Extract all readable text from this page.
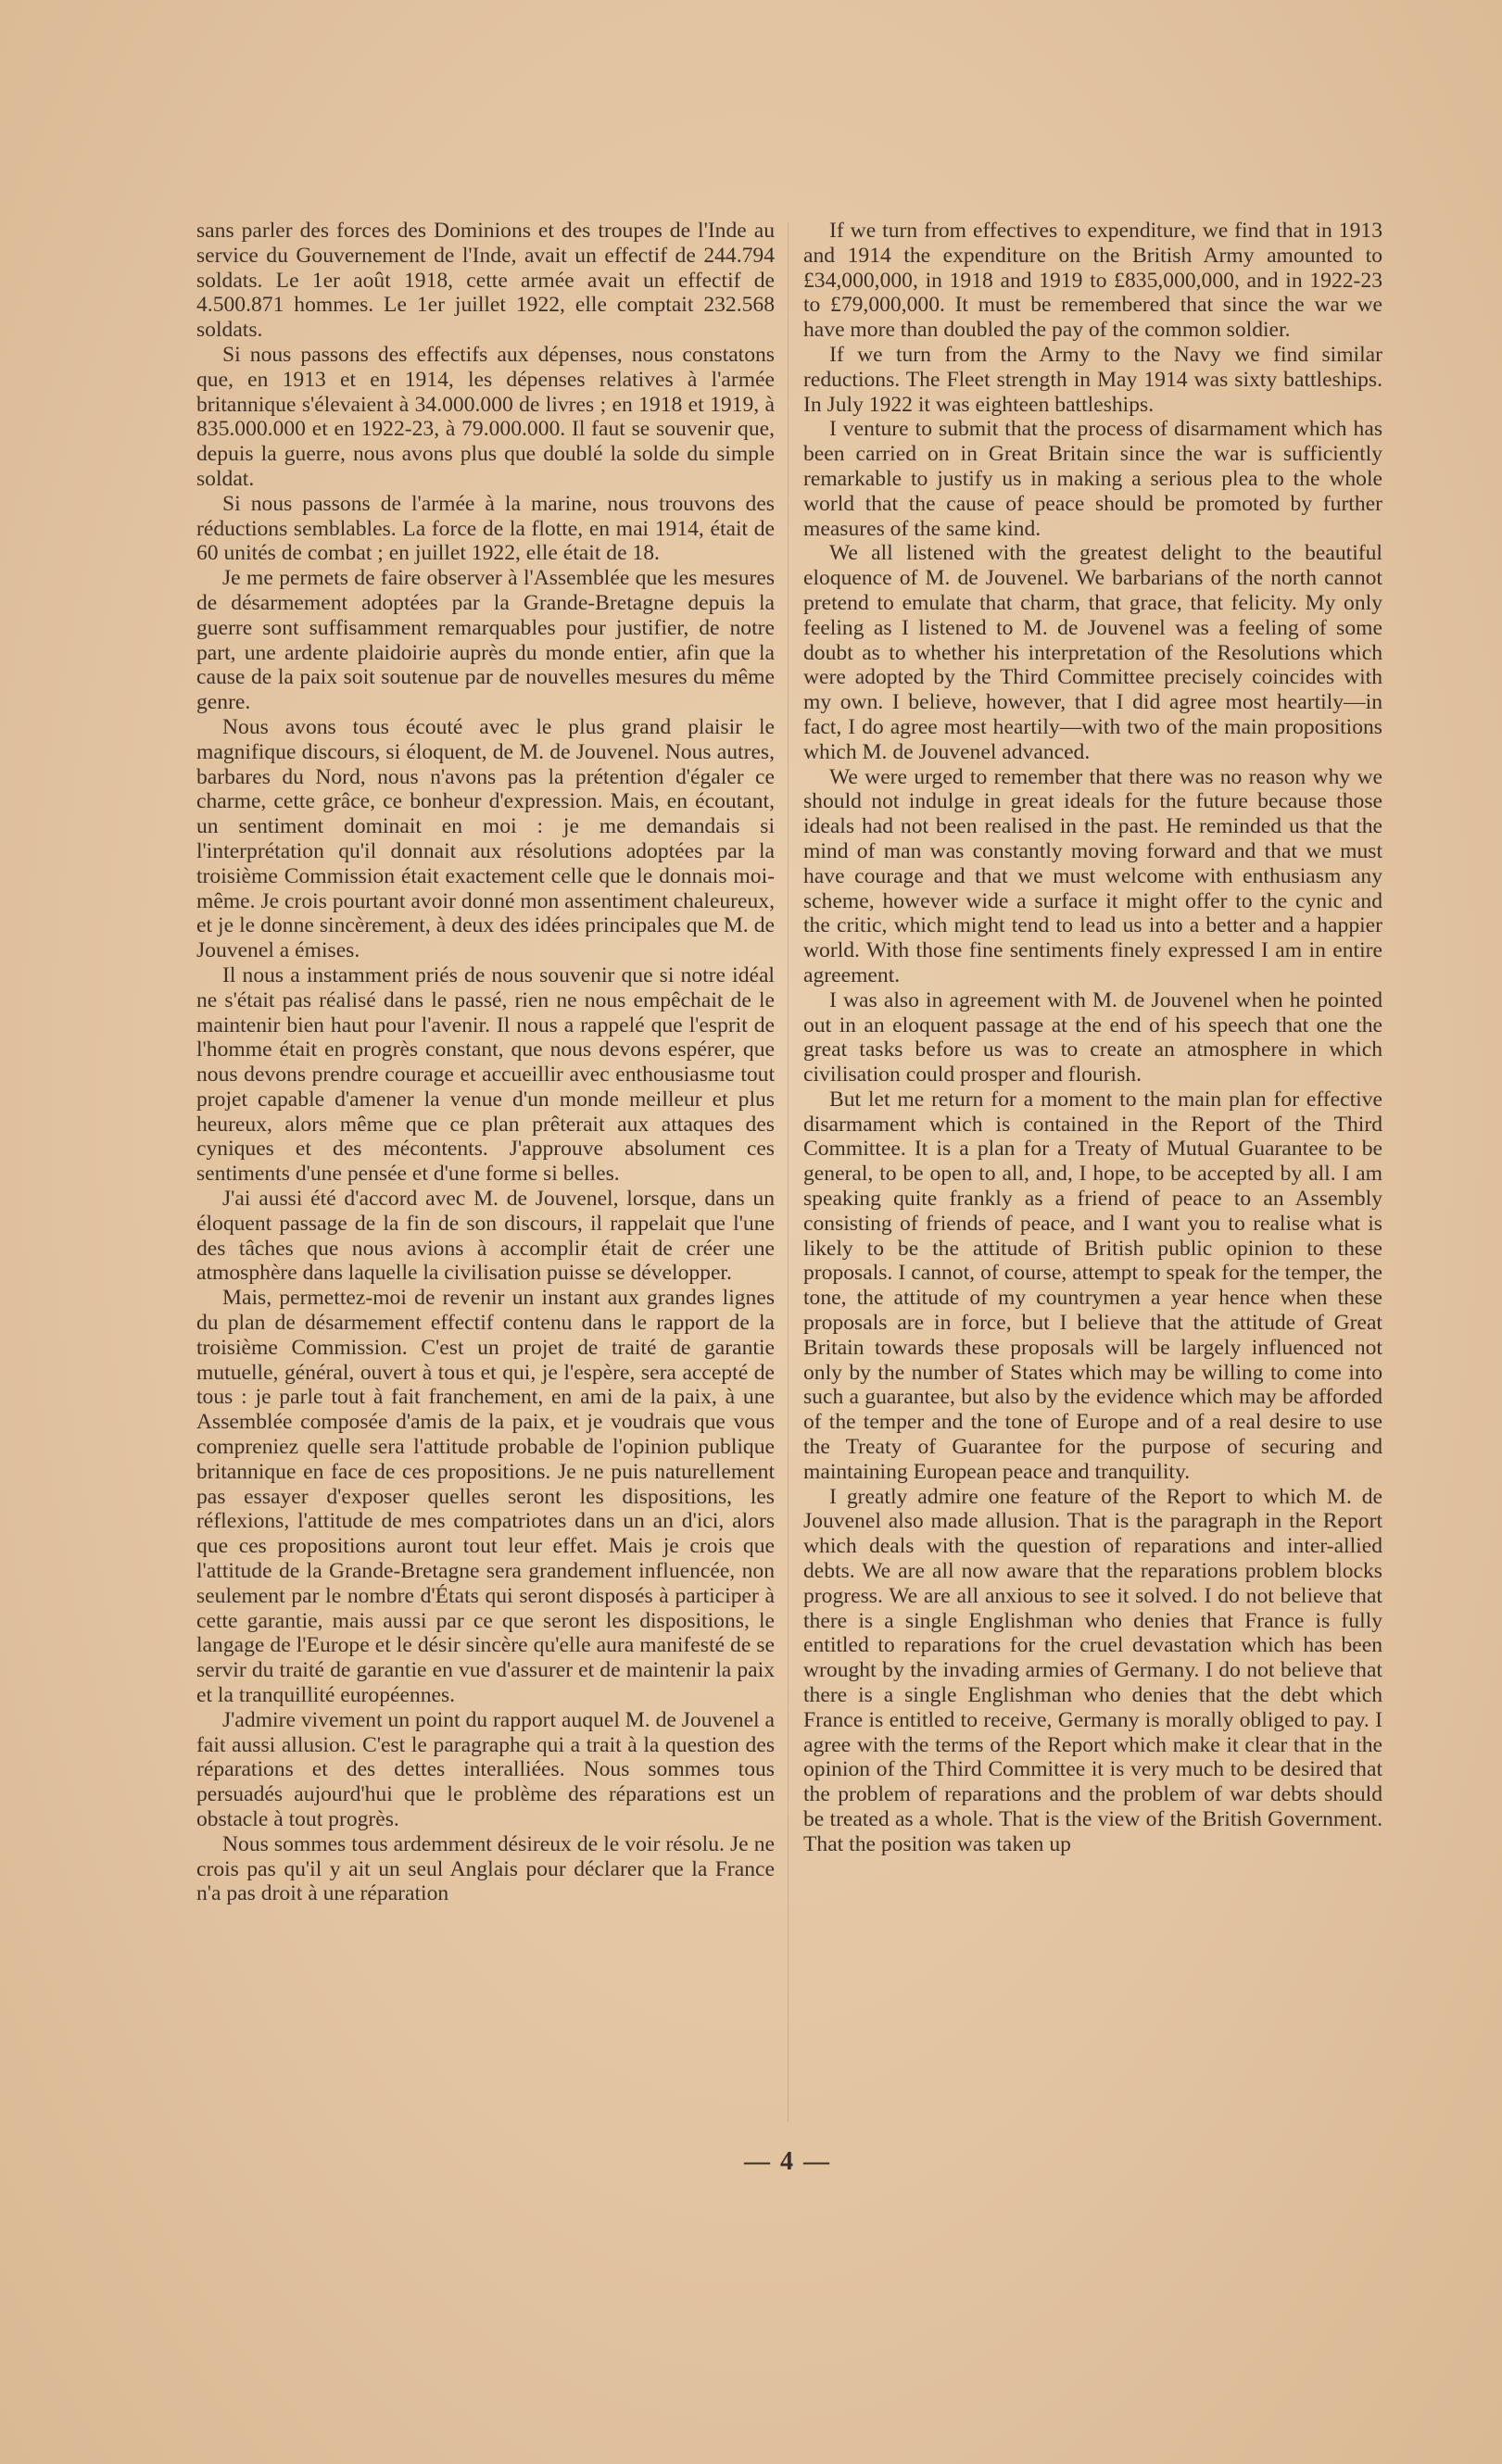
sans parler des forces des Dominions et des troupes de l'Inde au service du Gouvernement de l'Inde, avait un effectif de 244.794 soldats. Le 1er août 1918, cette armée avait un effectif de 4.500.871 hommes. Le 1er juillet 1922, elle comptait 232.568 soldats.

Si nous passons des effectifs aux dépenses, nous constatons que, en 1913 et en 1914, les dépenses relatives à l'armée britannique s'élevaient à 34.000.000 de livres ; en 1918 et 1919, à 835.000.000 et en 1922-23, à 79.000.000. Il faut se souvenir que, depuis la guerre, nous avons plus que doublé la solde du simple soldat.

Si nous passons de l'armée à la marine, nous trouvons des réductions semblables. La force de la flotte, en mai 1914, était de 60 unités de combat ; en juillet 1922, elle était de 18.

Je me permets de faire observer à l'Assemblée que les mesures de désarmement adoptées par la Grande-Bretagne depuis la guerre sont suffisamment remarquables pour justifier, de notre part, une ardente plaidoirie auprès du monde entier, afin que la cause de la paix soit soutenue par de nouvelles mesures du même genre.

Nous avons tous écouté avec le plus grand plaisir le magnifique discours, si éloquent, de M. de Jouvenel. Nous autres, barbares du Nord, nous n'avons pas la prétention d'égaler ce charme, cette grâce, ce bonheur d'expression. Mais, en écoutant, un sentiment dominait en moi : je me demandais si l'interprétation qu'il donnait aux résolutions adoptées par la troisième Commission était exactement celle que le donnais moi-même. Je crois pourtant avoir donné mon assentiment chaleureux, et je le donne sincèrement, à deux des idées principales que M. de Jouvenel a émises.

Il nous a instamment priés de nous souvenir que si notre idéal ne s'était pas réalisé dans le passé, rien ne nous empêchait de le maintenir bien haut pour l'avenir. Il nous a rappelé que l'esprit de l'homme était en progrès constant, que nous devons espérer, que nous devons prendre courage et accueillir avec enthousiasme tout projet capable d'amener la venue d'un monde meilleur et plus heureux, alors même que ce plan prêterait aux attaques des cyniques et des mécontents. J'approuve absolument ces sentiments d'une pensée et d'une forme si belles.

J'ai aussi été d'accord avec M. de Jouvenel, lorsque, dans un éloquent passage de la fin de son discours, il rappelait que l'une des tâches que nous avions à accomplir était de créer une atmosphère dans laquelle la civilisation puisse se développer.

Mais, permettez-moi de revenir un instant aux grandes lignes du plan de désarmement effectif contenu dans le rapport de la troisième Commission. C'est un projet de traité de garantie mutuelle, général, ouvert à tous et qui, je l'espère, sera accepté de tous : je parle tout à fait franchement, en ami de la paix, à une Assemblée composée d'amis de la paix, et je voudrais que vous compreniez quelle sera l'attitude probable de l'opinion publique britannique en face de ces propositions. Je ne puis naturellement pas essayer d'exposer quelles seront les dispositions, les réflexions, l'attitude de mes compatriotes dans un an d'ici, alors que ces propositions auront tout leur effet. Mais je crois que l'attitude de la Grande-Bretagne sera grandement influencée, non seulement par le nombre d'États qui seront disposés à participer à cette garantie, mais aussi par ce que seront les dispositions, le langage de l'Europe et le désir sincère qu'elle aura manifesté de se servir du traité de garantie en vue d'assurer et de maintenir la paix et la tranquillité européennes.

J'admire vivement un point du rapport auquel M. de Jouvenel a fait aussi allusion. C'est le paragraphe qui a trait à la question des réparations et des dettes interalliées. Nous sommes tous persuadés aujourd'hui que le problème des réparations est un obstacle à tout progrès.

Nous sommes tous ardemment désireux de le voir résolu. Je ne crois pas qu'il y ait un seul Anglais pour déclarer que la France n'a pas droit à une réparation

If we turn from effectives to expenditure, we find that in 1913 and 1914 the expenditure on the British Army amounted to £34,000,000, in 1918 and 1919 to £835,000,000, and in 1922-23 to £79,000,000. It must be remembered that since the war we have more than doubled the pay of the common soldier.

If we turn from the Army to the Navy we find similar reductions. The Fleet strength in May 1914 was sixty battleships. In July 1922 it was eighteen battleships.

I venture to submit that the process of disarmament which has been carried on in Great Britain since the war is sufficiently remarkable to justify us in making a serious plea to the whole world that the cause of peace should be promoted by further measures of the same kind.

We all listened with the greatest delight to the beautiful eloquence of M. de Jouvenel. We barbarians of the north cannot pretend to emulate that charm, that grace, that felicity. My only feeling as I listened to M. de Jouvenel was a feeling of some doubt as to whether his interpretation of the Resolutions which were adopted by the Third Committee precisely coincides with my own. I believe, however, that I did agree most heartily—in fact, I do agree most heartily—with two of the main propositions which M. de Jouvenel advanced.

We were urged to remember that there was no reason why we should not indulge in great ideals for the future because those ideals had not been realised in the past. He reminded us that the mind of man was constantly moving forward and that we must have courage and that we must welcome with enthusiasm any scheme, however wide a surface it might offer to the cynic and the critic, which might tend to lead us into a better and a happier world. With those fine sentiments finely expressed I am in entire agreement.

I was also in agreement with M. de Jouvenel when he pointed out in an eloquent passage at the end of his speech that one the great tasks before us was to create an atmosphere in which civilisation could prosper and flourish.

But let me return for a moment to the main plan for effective disarmament which is contained in the Report of the Third Committee. It is a plan for a Treaty of Mutual Guarantee to be general, to be open to all, and, I hope, to be accepted by all. I am speaking quite frankly as a friend of peace to an Assembly consisting of friends of peace, and I want you to realise what is likely to be the attitude of British public opinion to these proposals. I cannot, of course, attempt to speak for the temper, the tone, the attitude of my countrymen a year hence when these proposals are in force, but I believe that the attitude of Great Britain towards these proposals will be largely influenced not only by the number of States which may be willing to come into such a guarantee, but also by the evidence which may be afforded of the temper and the tone of Europe and of a real desire to use the Treaty of Guarantee for the purpose of securing and maintaining European peace and tranquility.

I greatly admire one feature of the Report to which M. de Jouvenel also made allusion. That is the paragraph in the Report which deals with the question of reparations and inter-allied debts. We are all now aware that the reparations problem blocks progress. We are all anxious to see it solved. I do not believe that there is a single Englishman who denies that France is fully entitled to reparations for the cruel devastation which has been wrought by the invading armies of Germany. I do not believe that there is a single Englishman who denies that the debt which France is entitled to receive, Germany is morally obliged to pay. I agree with the terms of the Report which make it clear that in the opinion of the Third Committee it is very much to be desired that the problem of reparations and the problem of war debts should be treated as a whole. That is the view of the British Government. That the position was taken up

— 4 —
